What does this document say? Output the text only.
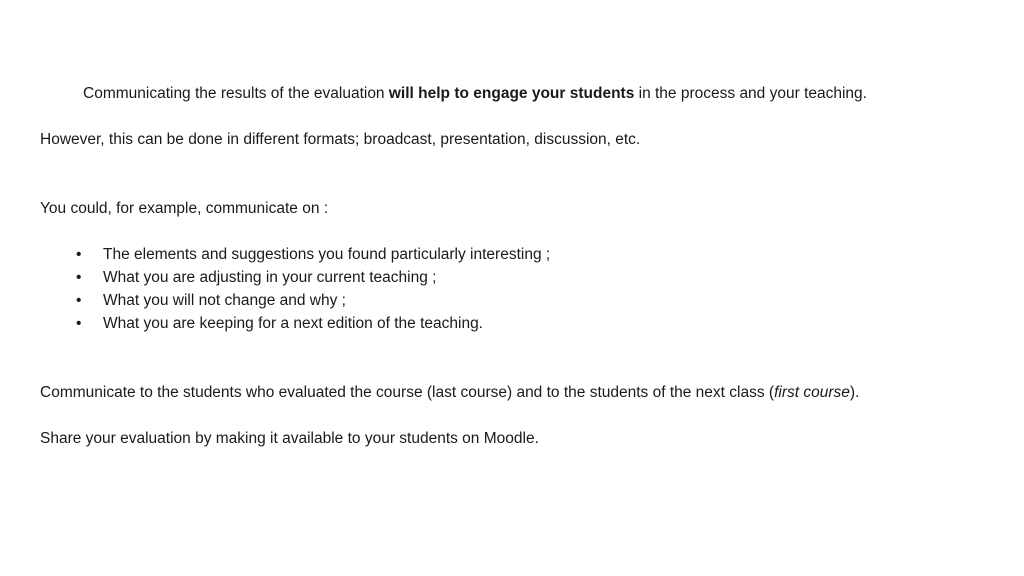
Communicating the results of the evaluation will help to engage your students in the process and your teaching.
However, this can be done in different formats; broadcast, presentation, discussion, etc.
You could, for example, communicate on :
• The elements and suggestions you found particularly interesting ;
• What you are adjusting in your current teaching ;
• What you will not change and why ;
• What you are keeping for a next edition of the teaching.
Communicate to the students who evaluated the course (last course) and to the students of the next class (first course).
Share your evaluation by making it available to your students on Moodle.
